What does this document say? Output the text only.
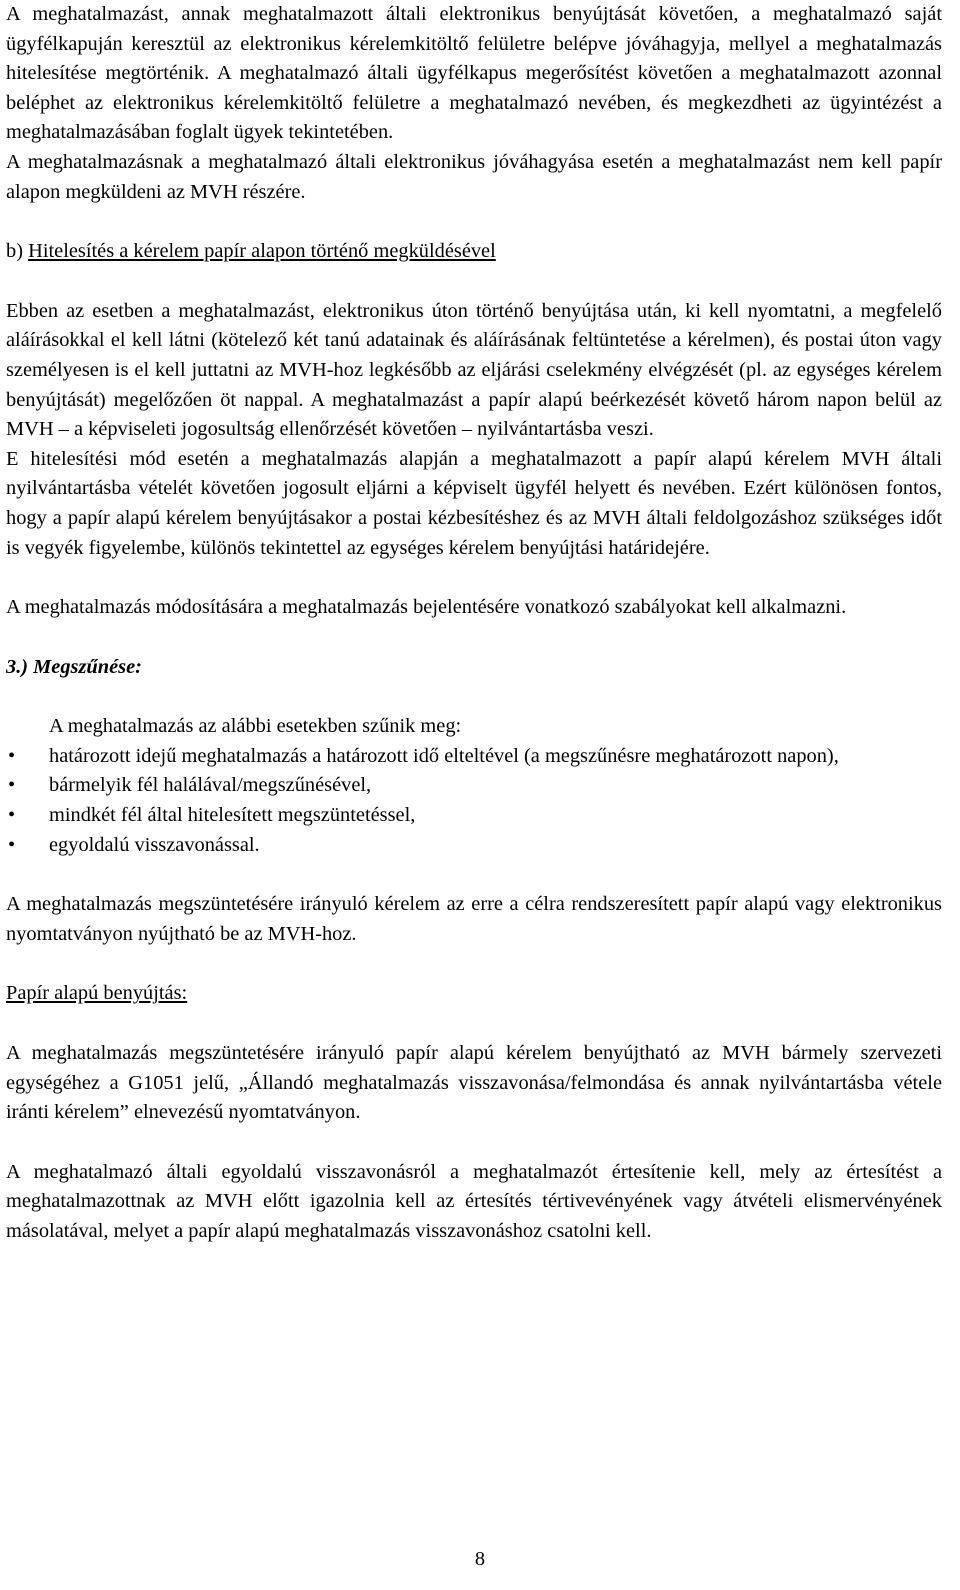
A meghatalmazást, annak meghatalmazott általi elektronikus benyújtását követően, a meghatalmazó saját ügyfélkapuján keresztül az elektronikus kérelemkitöltő felületre belépve jóváhagyja, mellyel a meghatalmazás hitelesítése megtörténik. A meghatalmazó általi ügyfélkapus megerősítést követően a meghatalmazott azonnal beléphet az elektronikus kérelemkitöltő felületre a meghatalmazó nevében, és megkezdheti az ügyintézést a meghatalmazásában foglalt ügyek tekintetében.

A meghatalmazásnak a meghatalmazó általi elektronikus jóváhagyása esetén a meghatalmazást nem kell papír alapon megküldeni az MVH részére.

b) Hitelesítés a kérelem papír alapon történő megküldésével

Ebben az esetben a meghatalmazást, elektronikus úton történő benyújtása után, ki kell nyomtatni, a megfelelő aláírásokkal el kell látni (kötelező két tanú adatainak és aláírásának feltüntetése a kérelmen), és postai úton vagy személyesen is el kell juttatni az MVH-hoz legkésőbb az eljárási cselekmény elvégzését (pl. az egységes kérelem benyújtását) megelőzően öt nappal. A meghatalmazást a papír alapú beérkezését követő három napon belül az MVH – a képviseleti jogosultság ellenőrzését követően – nyilvántartásba veszi.

E hitelesítési mód esetén a meghatalmazás alapján a meghatalmazott a papír alapú kérelem MVH általi nyilvántartásba vételét követően jogosult eljárni a képviselt ügyfél helyett és nevében. Ezért különösen fontos, hogy a papír alapú kérelem benyújtásakor a postai kézbesítéshez és az MVH általi feldolgozáshoz szükséges időt is vegyék figyelembe, különös tekintettel az egységes kérelem benyújtási határidejére.

A meghatalmazás módosítására a meghatalmazás bejelentésére vonatkozó szabályokat kell alkalmazni.

3.) Megszűnése:

A meghatalmazás az alábbi esetekben szűnik meg:

• határozott idejű meghatalmazás a határozott idő elteltével (a megszűnésre meghatározott napon),
• bármelyik fél halálával/megszűnésével,
• mindkét fél által hitelesített megszüntetéssel,
• egyoldalú visszavonással.

A meghatalmazás megszüntetésére irányuló kérelem az erre a célra rendszeresített papír alapú vagy elektronikus nyomtatványon nyújtható be az MVH-hoz.

Papír alapú benyújtás:

A meghatalmazás megszüntetésére irányuló papír alapú kérelem benyújtható az MVH bármely szervezeti egységéhez a G1051 jelű, „Állandó meghatalmazás visszavonása/felmondása és annak nyilvántartásba vétele iránti kérelem” elnevezésű nyomtatványon.

A meghatalmazó általi egyoldalú visszavonásról a meghatalmazót értesítenie kell, mely az értesítést a meghatalmazottnak az MVH előtt igazolnia kell az értesítés tértivevényének vagy átvételi elismervényének másolatával, melyet a papír alapú meghatalmazás visszavonáshoz csatolni kell.

8
